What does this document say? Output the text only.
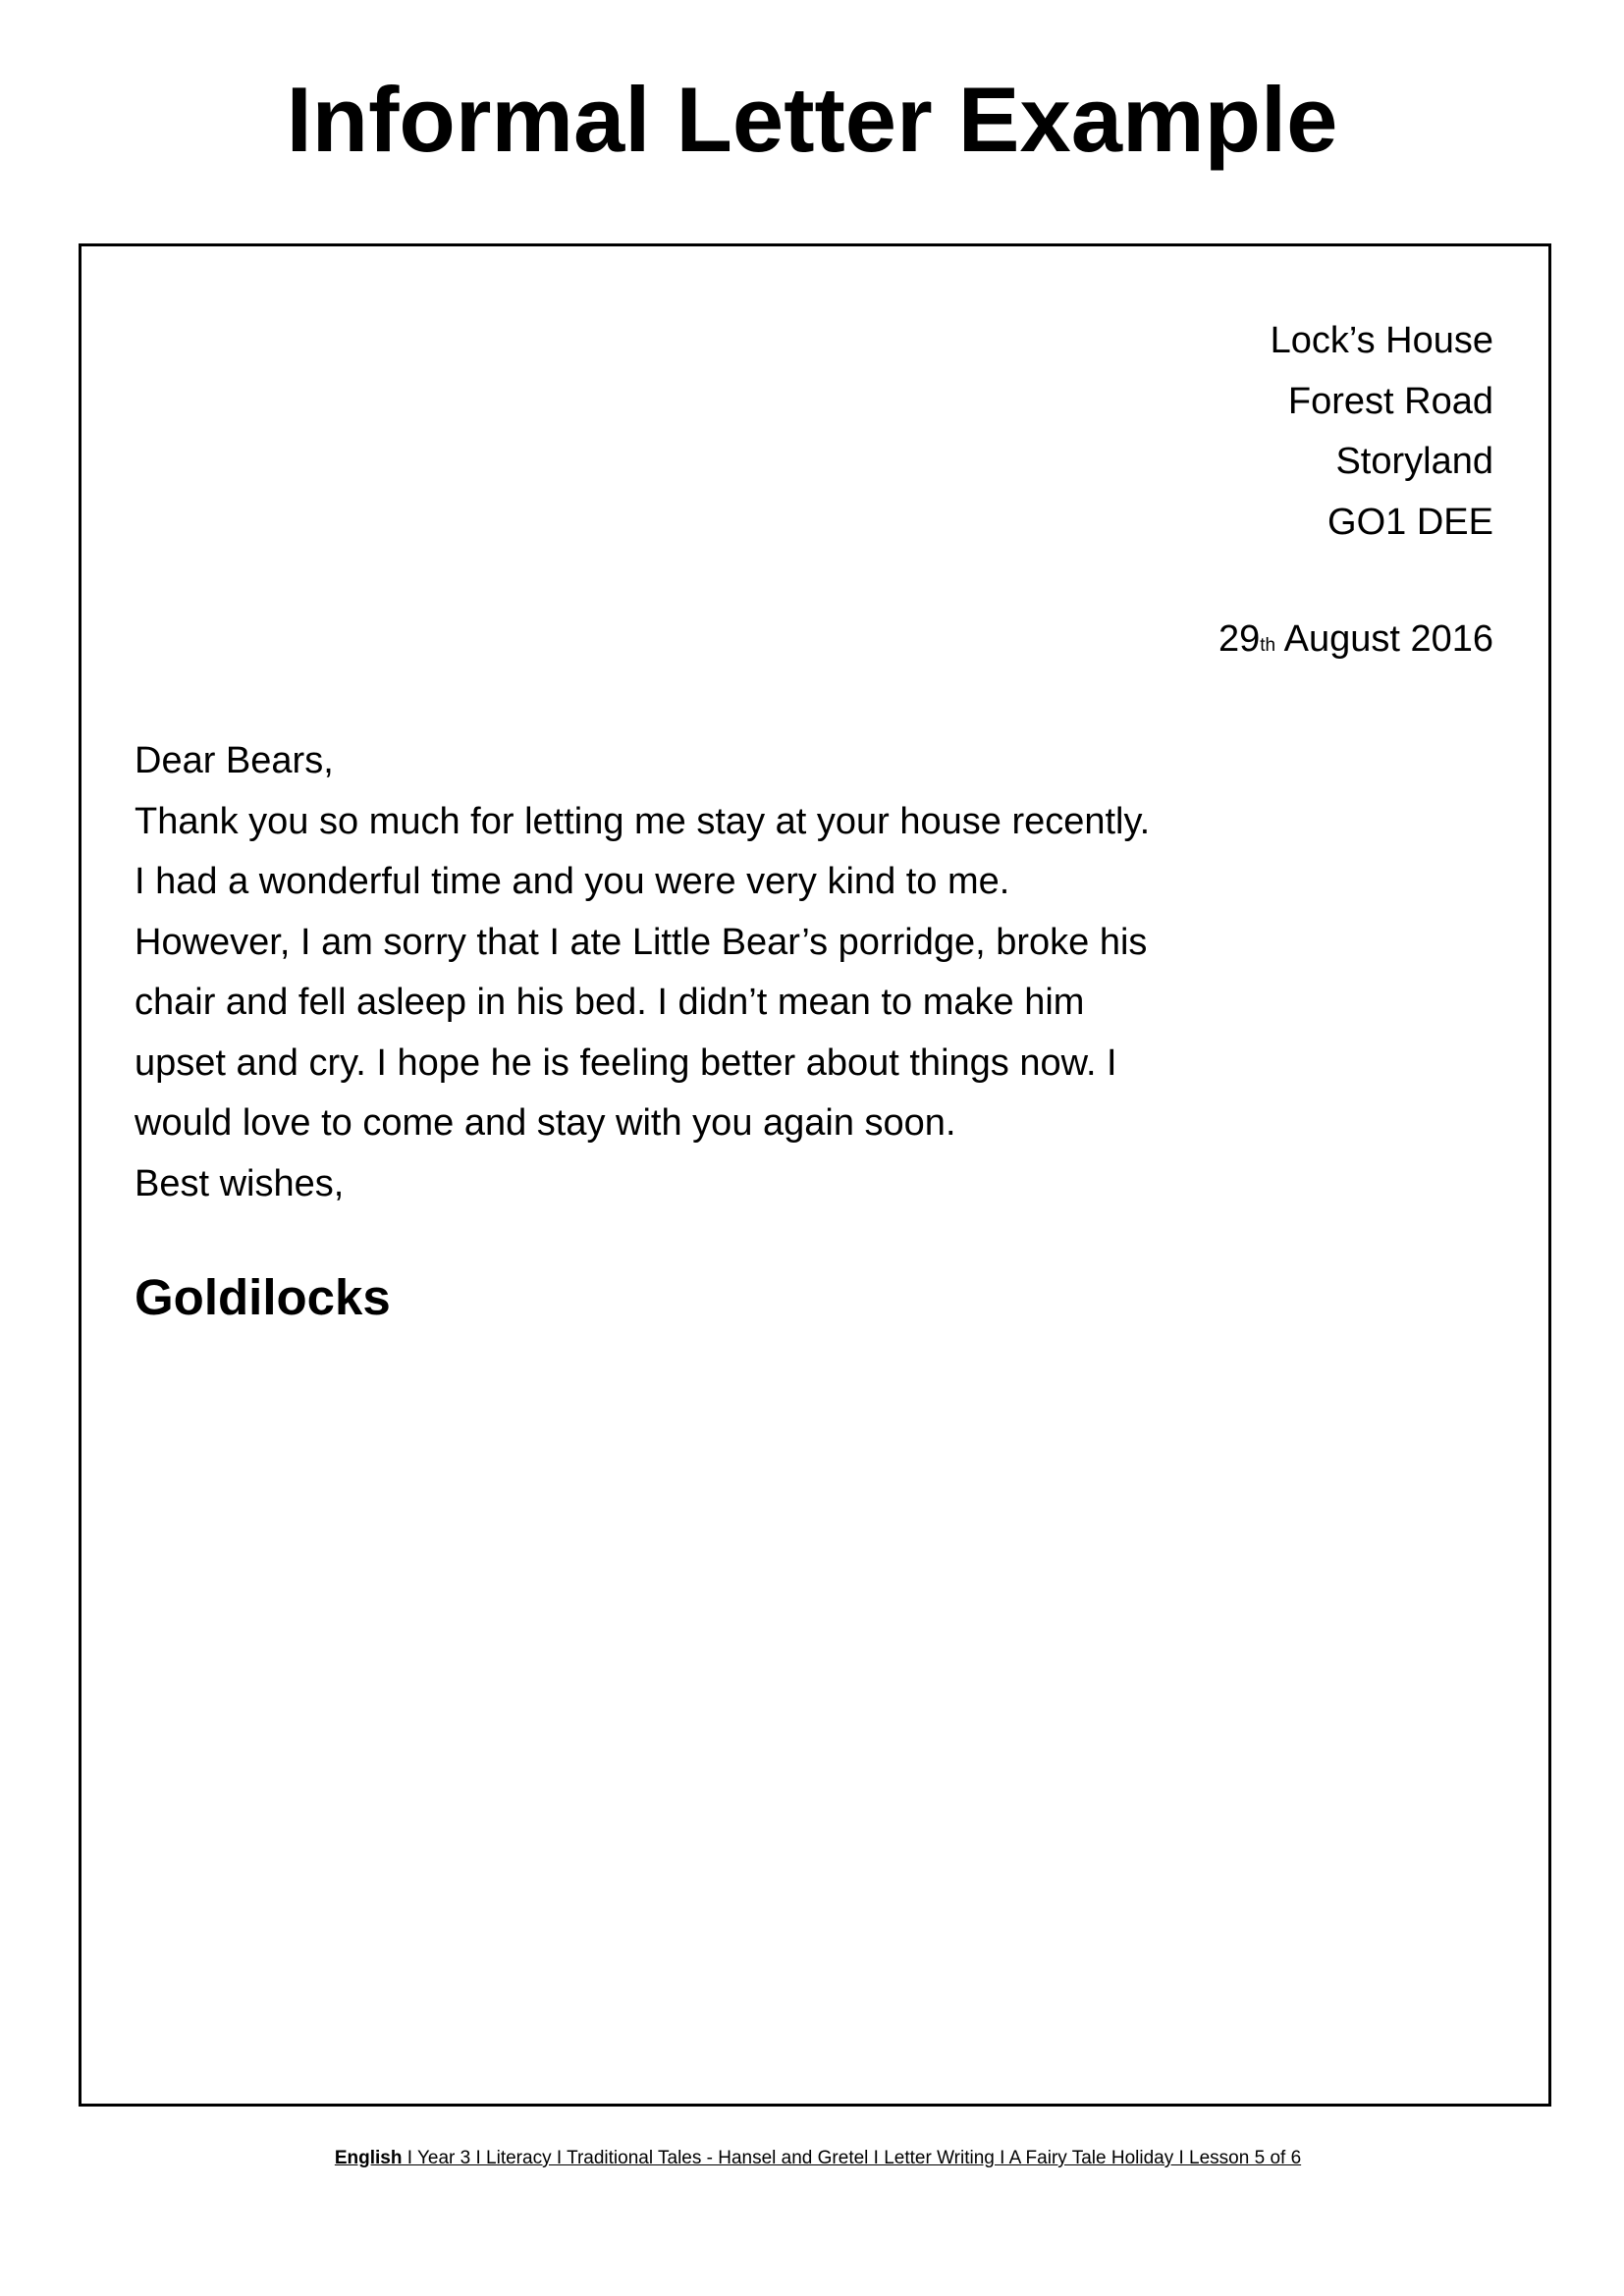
Informal Letter Example
Lock’s House
Forest Road
Storyland
GO1 DEE
29th August 2016
Dear Bears,
Thank you so much for letting me stay at your house recently.
I had a wonderful time and you were very kind to me.
However, I am sorry that I ate Little Bear’s porridge, broke his
chair and fell asleep in his bed. I didn’t mean to make him
upset and cry. I hope he is feeling better about things now. I
would love to come and stay with you again soon.
Best wishes,
Goldilocks
English I Year 3 I Literacy I Traditional Tales - Hansel and Gretel I Letter Writing I A Fairy Tale Holiday I Lesson 5 of 6
